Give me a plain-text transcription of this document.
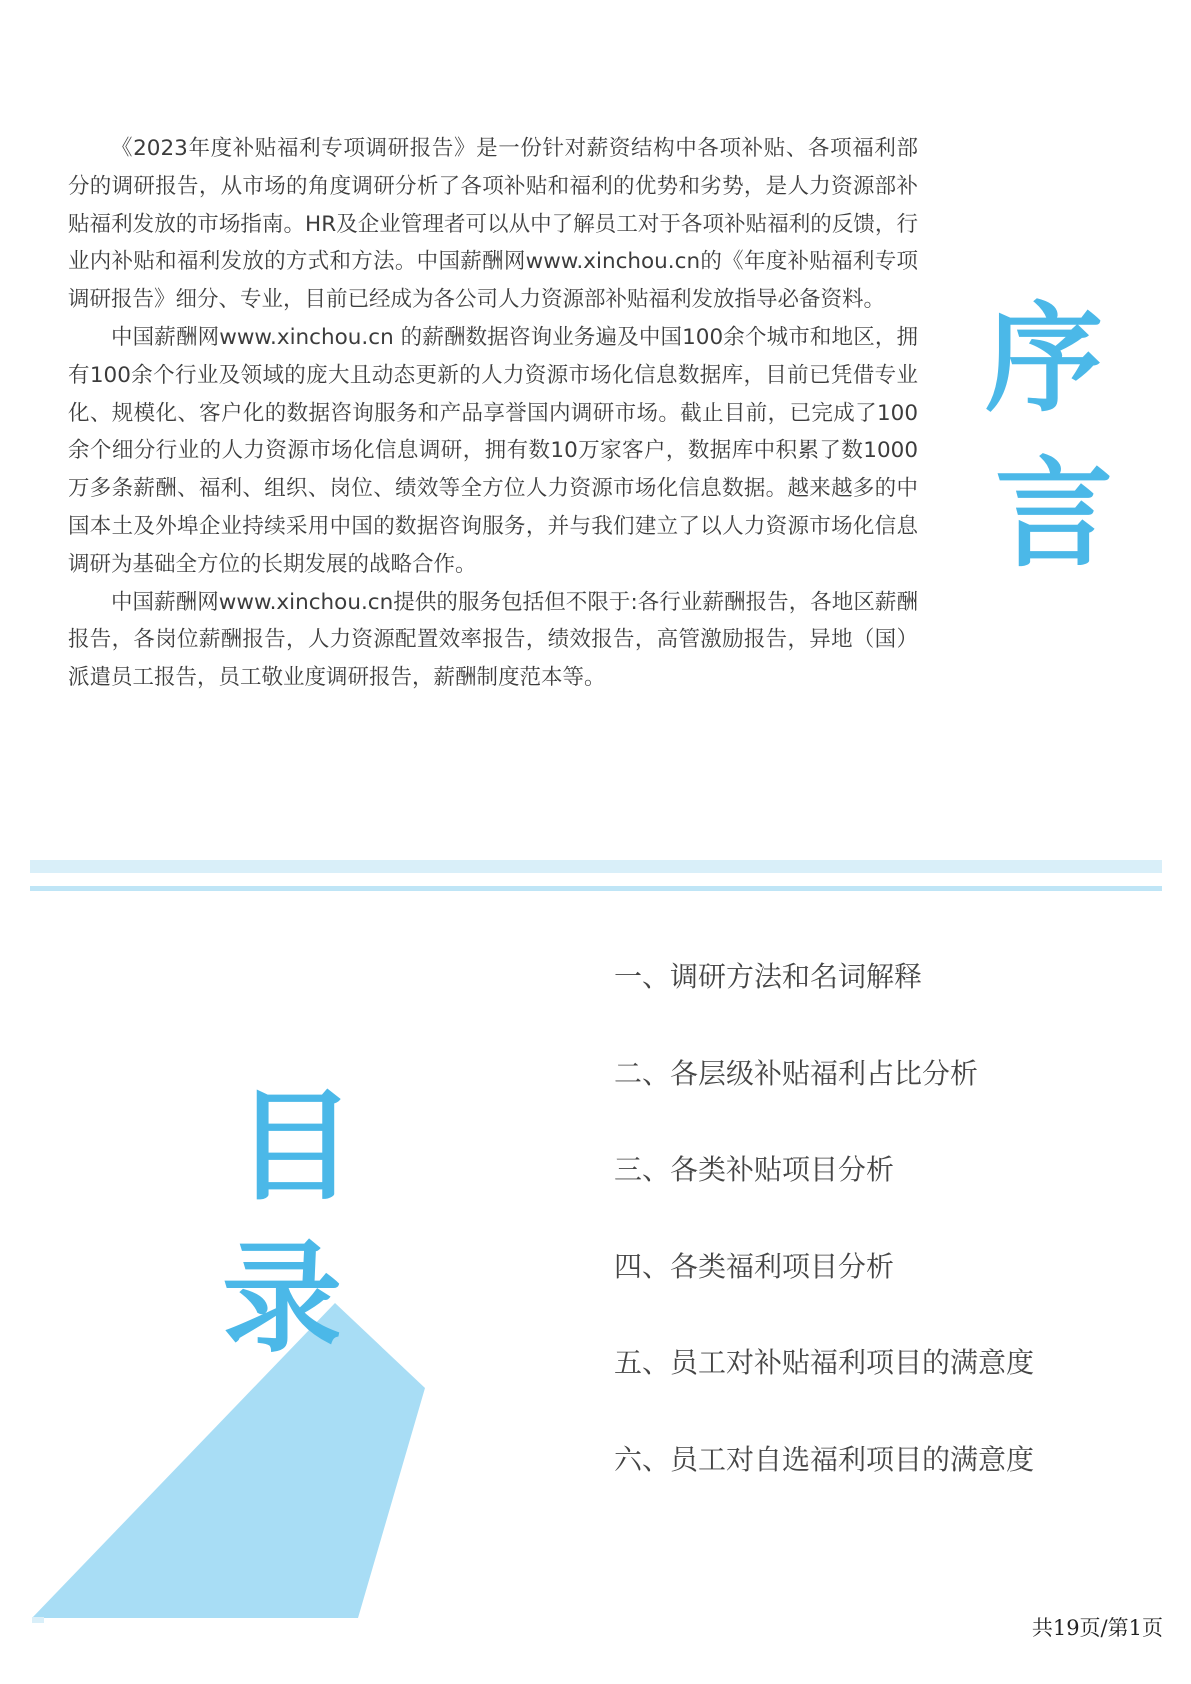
《2023年度补贴福利专项调研报告》是一份针对薪资结构中各项补贴、各项福利部分的调研报告，从市场的角度调研分析了各项补贴和福利的优势和劣势，是人力资源部补贴福利发放的市场指南。HR及企业管理者可以从中了解员工对于各项补贴福利的反馈，行业内补贴和福利发放的方式和方法。中国薪酬网www.xinchou.cn的《年度补贴福利专项调研报告》细分、专业，目前已经成为各公司人力资源部补贴福利发放指导必备资料。

中国薪酬网www.xinchou.cn 的薪酬数据咨询业务遍及中国100余个城市和地区，拥有100余个行业及领域的庞大且动态更新的人力资源市场化信息数据库，目前已凭借专业化、规模化、客户化的数据咨询服务和产品享誉国内调研市场。截止目前，已完成了100余个细分行业的人力资源市场化信息调研，拥有数10万家客户，数据库中积累了数1000万多条薪酬、福利、组织、岗位、绩效等全方位人力资源市场化信息数据。越来越多的中国本土及外埠企业持续采用中国的数据咨询服务，并与我们建立了以人力资源市场化信息调研为基础全方位的长期发展的战略合作。

中国薪酬网www.xinchou.cn提供的服务包括但不限于:各行业薪酬报告，各地区薪酬报告，各岗位薪酬报告，人力资源配置效率报告，绩效报告，高管激励报告，异地（国）派遣员工报告，员工敬业度调研报告，薪酬制度范本等。

序
言
目
录
一、调研方法和名词解释
二、各层级补贴福利占比分析
三、各类补贴项目分析
四、各类福利项目分析
五、员工对补贴福利项目的满意度
六、员工对自选福利项目的满意度
共19页/第1页
